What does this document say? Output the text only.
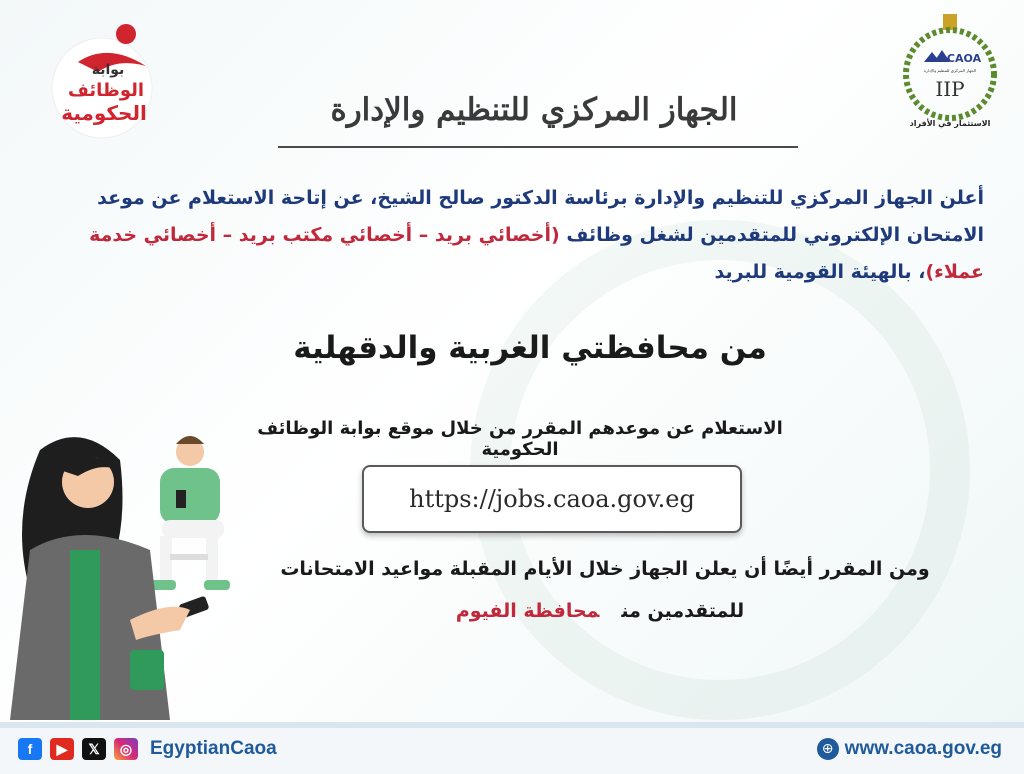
بوابة
الوظائف
الحكومية
CAOA
الجهاز المركزي للتنظيم والإدارة
IIP
الاستثمار في الأفراد
الجهاز المركزي للتنظيم والإدارة
أعلن الجهاز المركزي للتنظيم والإدارة برئاسة الدكتور صالح الشيخ، عن إتاحة الاستعلام عن موعد الامتحان الإلكتروني للمتقدمين لشغل وظائف (أخصائي بريد – أخصائي مكتب بريد – أخصائي خدمة عملاء)، بالهيئة القومية للبريد
من محافظتي الغربية والدقهلية
الاستعلام عن موعدهم المقرر من خلال موقع بوابة الوظائف الحكومية
https://jobs.caoa.gov.eg
ومن المقرر أيضًا أن يعلن الجهاز خلال الأيام المقبلة مواعيد الامتحانات
للمتقدمين منمحافظة الفيوم
f	▶	𝕏	◎ EgyptianCaoa	⊕ www.caoa.gov.eg
